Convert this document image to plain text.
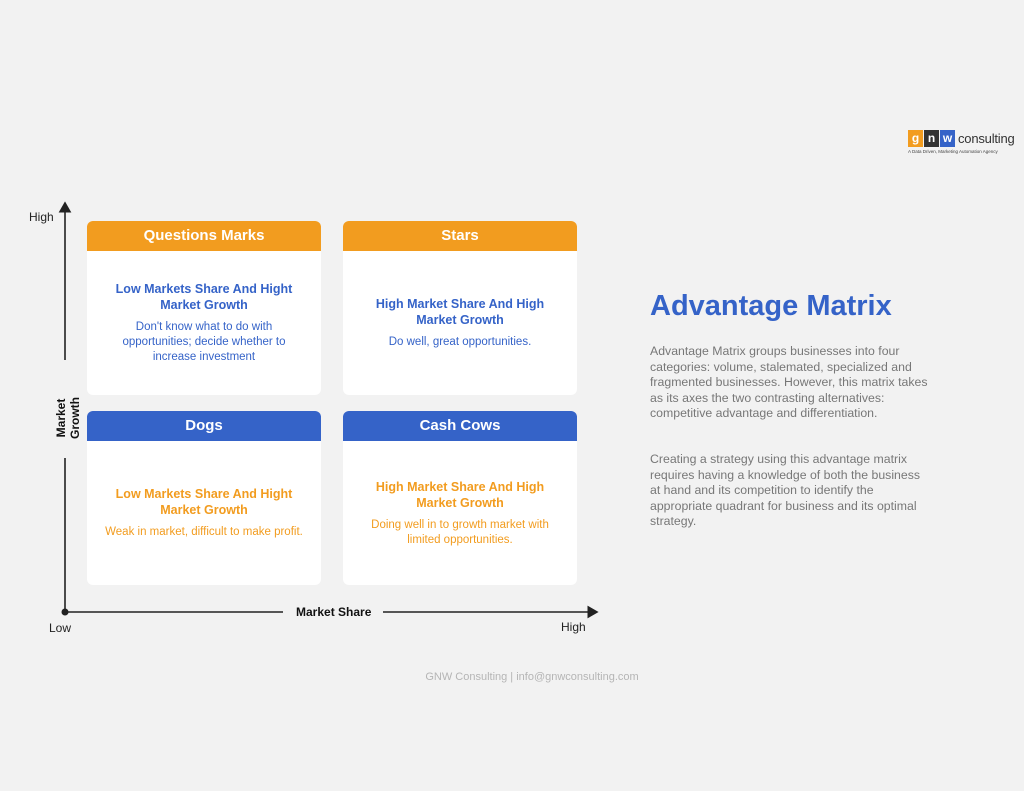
g n w consulting
A Data Driven, Marketing Automation Agency
High
Market Growth
Market Share
Low	High
Questions Marks
Low Markets Share And Hight Market Growth
Don't know what to do with opportunities; decide whether to increase investment
Stars
High Market Share And High Market Growth
Do well, great opportunities.
Dogs
Low Markets Share And Hight Market Growth
Weak in market, difficult to make profit.
Cash Cows
High Market Share And High Market Growth
Doing well in to growth market with limited opportunities.
Advantage Matrix
Advantage Matrix groups businesses into four categories: volume, stalemated, specialized and fragmented businesses. However, this matrix takes as its axes the two contrasting alternatives: competitive advantage and differentiation.
Creating a strategy using this advantage matrix requires having a knowledge of both the business at hand and its competition to identify the appropriate quadrant for business and its optimal strategy.
GNW Consulting | info@gnwconsulting.com
